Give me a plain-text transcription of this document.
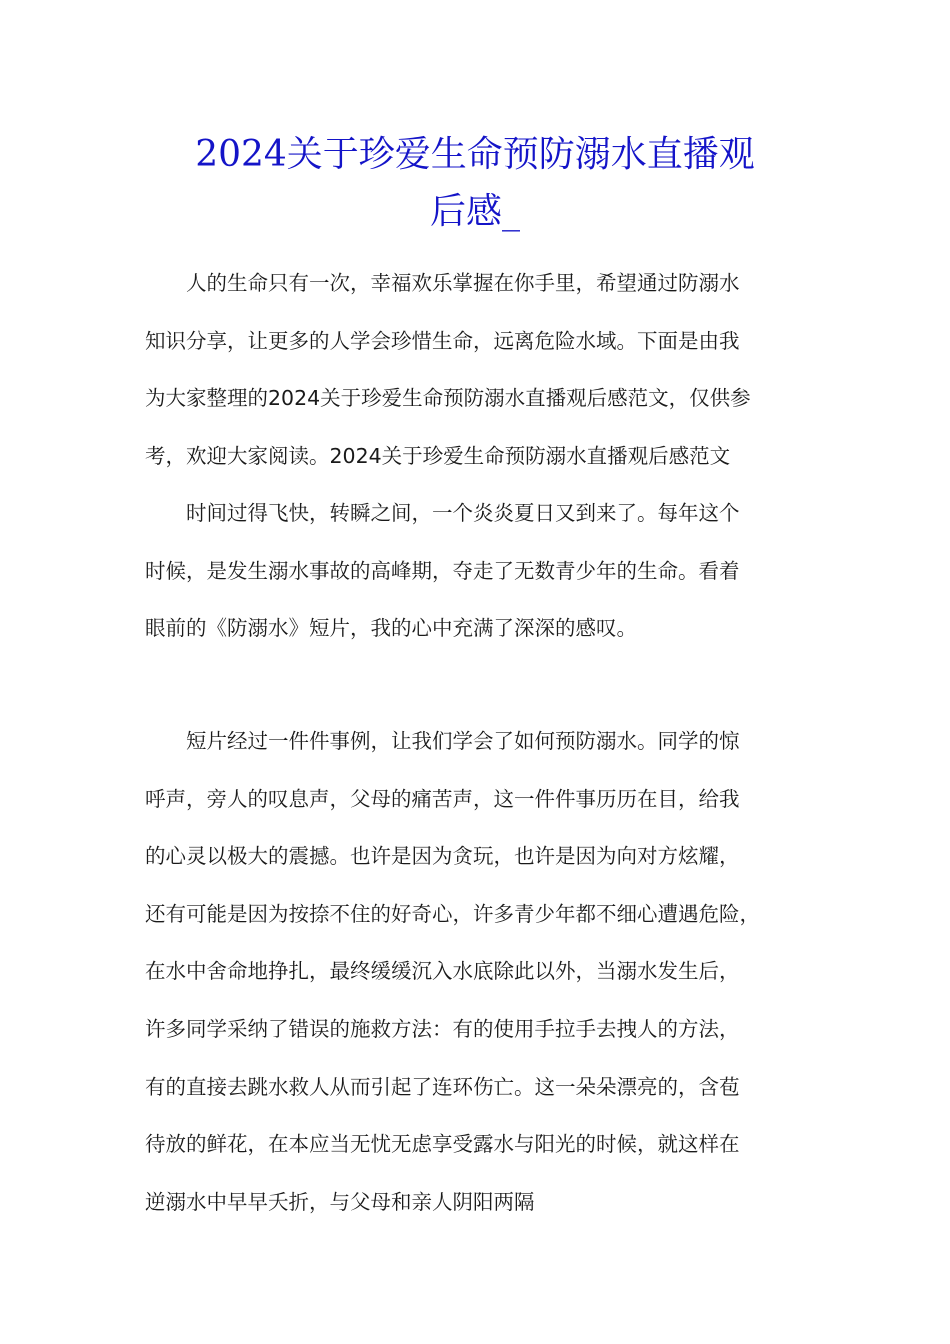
2024关于珍爱生命预防溺水直播观
后感_

　　人的生命只有一次，幸福欢乐掌握在你手里，希望通过防溺水
知识分享，让更多的人学会珍惜生命，远离危险水域。下面是由我
为大家整理的2024关于珍爱生命预防溺水直播观后感范文，仅供参
考，欢迎大家阅读。2024关于珍爱生命预防溺水直播观后感范文

　　时间过得飞快，转瞬之间，一个炎炎夏日又到来了。每年这个
时候，是发生溺水事故的高峰期，夺走了无数青少年的生命。看着
眼前的《防溺水》短片，我的心中充满了深深的感叹。

　　短片经过一件件事例，让我们学会了如何预防溺水。同学的惊
呼声，旁人的叹息声，父母的痛苦声，这一件件事历历在目，给我
的心灵以极大的震撼。也许是因为贪玩，也许是因为向对方炫耀，
还有可能是因为按捺不住的好奇心，许多青少年都不细心遭遇危险，
在水中舍命地挣扎，最终缓缓沉入水底除此以外，当溺水发生后，
许多同学采纳了错误的施救方法：有的使用手拉手去拽人的方法，
有的直接去跳水救人从而引起了连环伤亡。这一朵朵漂亮的，含苞
待放的鲜花，在本应当无忧无虑享受露水与阳光的时候，就这样在
逆溺水中早早夭折，与父母和亲人阴阳两隔
